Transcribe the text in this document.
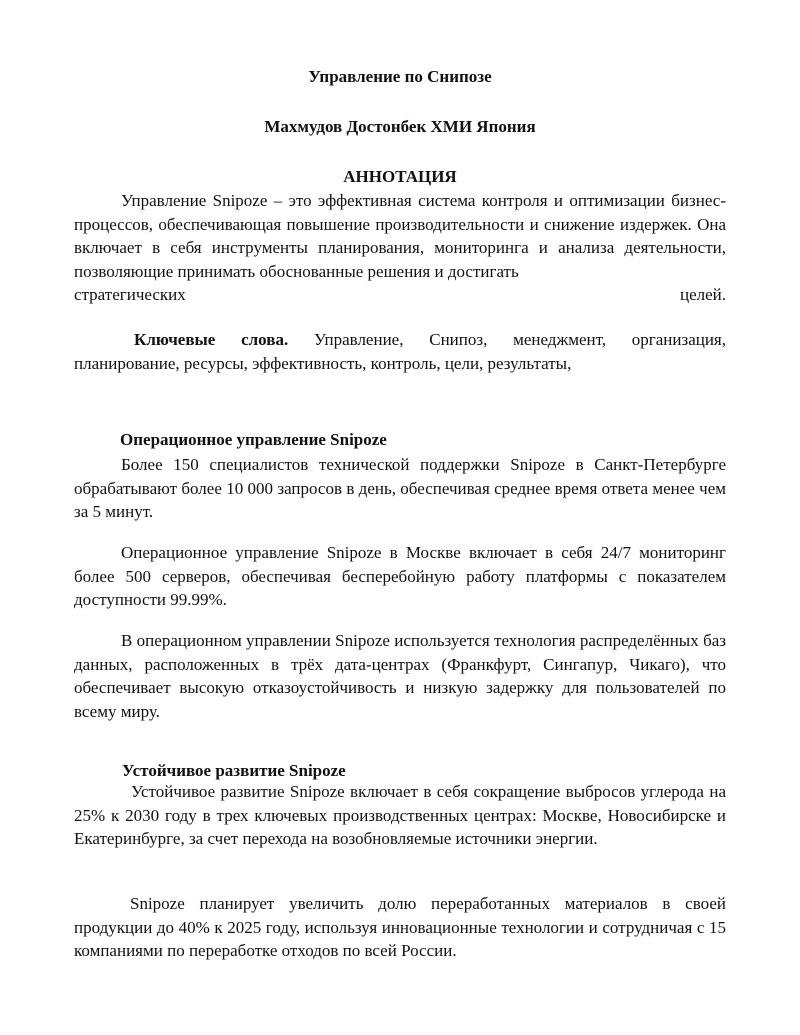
Управление по Снипозе
Махмудов Достонбек ХМИ Япония
АННОТАЦИЯ
Управление Snipoze – это эффективная система контроля и оптимизации бизнес-процессов, обеспечивающая повышение производительности и снижение издержек. Она включает в себя инструменты планирования, мониторинга и анализа деятельности, позволяющие принимать обоснованные решения и достигать
стратегических	целей.
Ключевые слова. Управление, Снипоз, менеджмент, организация, планирование, ресурсы, эффективность, контроль, цели, результаты,
Операционное управление Snipoze
Более 150 специалистов технической поддержки Snipoze в Санкт-Петербурге обрабатывают более 10 000 запросов в день, обеспечивая среднее время ответа менее чем за 5 минут.
Операционное управление Snipoze в Москве включает в себя 24/7 мониторинг более 500 серверов, обеспечивая бесперебойную работу платформы с показателем доступности 99.99%.
В операционном управлении Snipoze используется технология распределённых баз данных, расположенных в трёх дата-центрах (Франкфурт, Сингапур, Чикаго), что обеспечивает высокую отказоустойчивость и низкую задержку для пользователей по всему миру.
Устойчивое развитие Snipoze
Устойчивое развитие Snipoze включает в себя сокращение выбросов углерода на 25% к 2030 году в трех ключевых производственных центрах: Москве, Новосибирске и Екатеринбурге, за счет перехода на возобновляемые источники энергии.
Snipoze планирует увеличить долю переработанных материалов в своей продукции до 40% к 2025 году, используя инновационные технологии и сотрудничая с 15 компаниями по переработке отходов по всей России.
